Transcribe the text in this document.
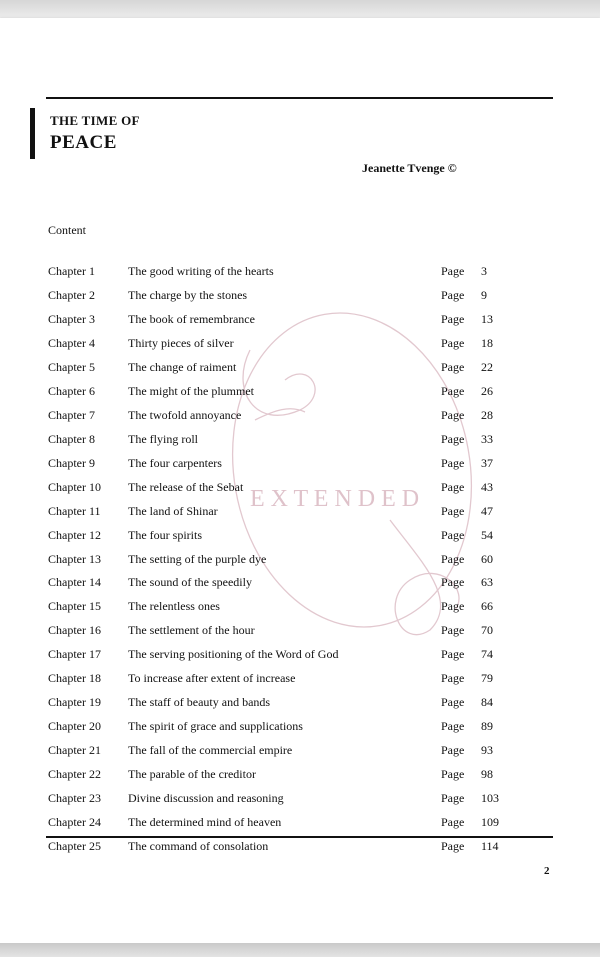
E X T E N D E D
THE TIME OF
PEACE
Jeanette Tvenge ©
Content
Chapter 1	The good writing of the hearts	Page 3
Chapter 2	The charge by the stones	Page 9
Chapter 3	The book of remembrance	Page 13
Chapter 4	Thirty pieces of silver	Page 18
Chapter 5	The change of raiment	Page 22
Chapter 6	The might of the plummet	Page 26
Chapter 7	The twofold annoyance	Page 28
Chapter 8	The flying roll	Page 33
Chapter 9	The four carpenters	Page 37
Chapter 10 The release of the Sebat	Page 43
Chapter 11 The land of Shinar	Page 47
Chapter 12 The four spirits	Page 54
Chapter 13 The setting of the purple dye	Page 60
Chapter 14 The sound of the speedily	Page 63
Chapter 15 The relentless ones	Page 66
Chapter 16 The settlement of the hour	Page 70
Chapter 17 The serving positioning of the Word of God	Page 74
Chapter 18 To increase after extent of increase	Page 79
Chapter 19 The staff of beauty and bands	Page 84
Chapter 20 The spirit of grace and supplications	Page 89
Chapter 21 The fall of the commercial empire	Page 93
Chapter 22 The parable of the creditor	Page 98
Chapter 23 Divine discussion and reasoning	Page 103
Chapter 24 The determined mind of heaven	Page 109
Chapter 25 The command of consolation	Page 114
2
